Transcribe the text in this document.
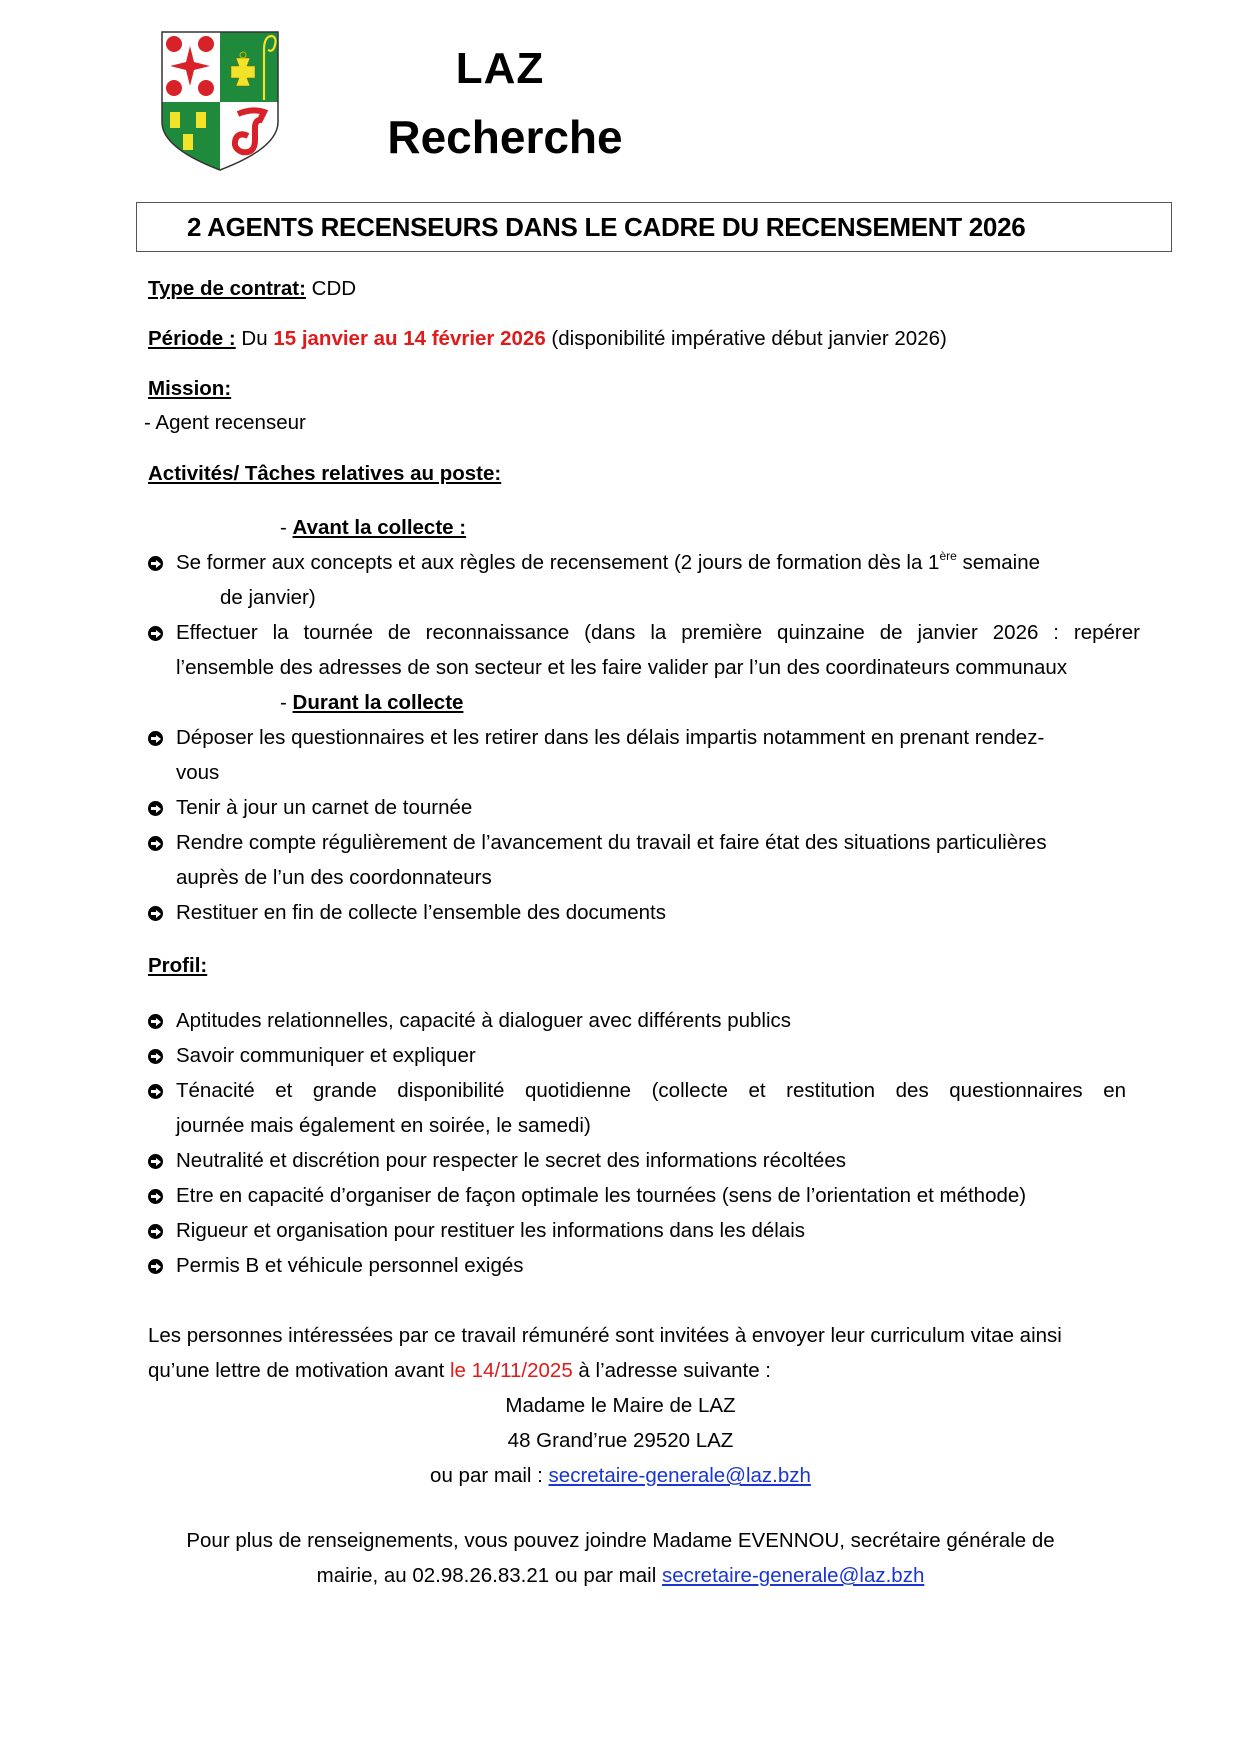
LAZ
Recherche
2 AGENTS RECENSEURS DANS LE CADRE DU RECENSEMENT 2026
Type de contrat: CDD
Période : Du 15 janvier au 14 février 2026 (disponibilité impérative début janvier 2026)
Mission:
- Agent recenseur
Activités/ Tâches relatives au poste:
- Avant la collecte :
Se former aux concepts et aux règles de recensement (2 jours de formation dès la 1ère semaine
de janvier)
Effectuer la tournée de reconnaissance (dans la première quinzaine de janvier 2026 : repérer
l’ensemble des adresses de son secteur et les faire valider par l’un des coordinateurs communaux
- Durant la collecte
Déposer les questionnaires et les retirer dans les délais impartis notamment en prenant rendez-
vous
Tenir à jour un carnet de tournée
Rendre compte régulièrement de l’avancement du travail et faire état des situations particulières
auprès de l’un des coordonnateurs
Restituer en fin de collecte l’ensemble des documents
Profil:
Aptitudes relationnelles, capacité à dialoguer avec différents publics
Savoir communiquer et expliquer
Ténacité et grande disponibilité quotidienne (collecte et restitution des questionnaires en
journée mais également en soirée, le samedi)
Neutralité et discrétion pour respecter le secret des informations récoltées
Etre en capacité d’organiser de façon optimale les tournées (sens de l’orientation et méthode)
Rigueur et organisation pour restituer les informations dans les délais
Permis B et véhicule personnel exigés
Les personnes intéressées par ce travail rémunéré sont invitées à envoyer leur curriculum vitae ainsi
qu’une lettre de motivation avant le 14/11/2025 à l’adresse suivante :
Madame le Maire de LAZ
48 Grand’rue 29520 LAZ
ou par mail : secretaire-generale@laz.bzh
Pour plus de renseignements, vous pouvez joindre Madame EVENNOU, secrétaire générale de
mairie, au 02.98.26.83.21 ou par mail secretaire-generale@laz.bzh
